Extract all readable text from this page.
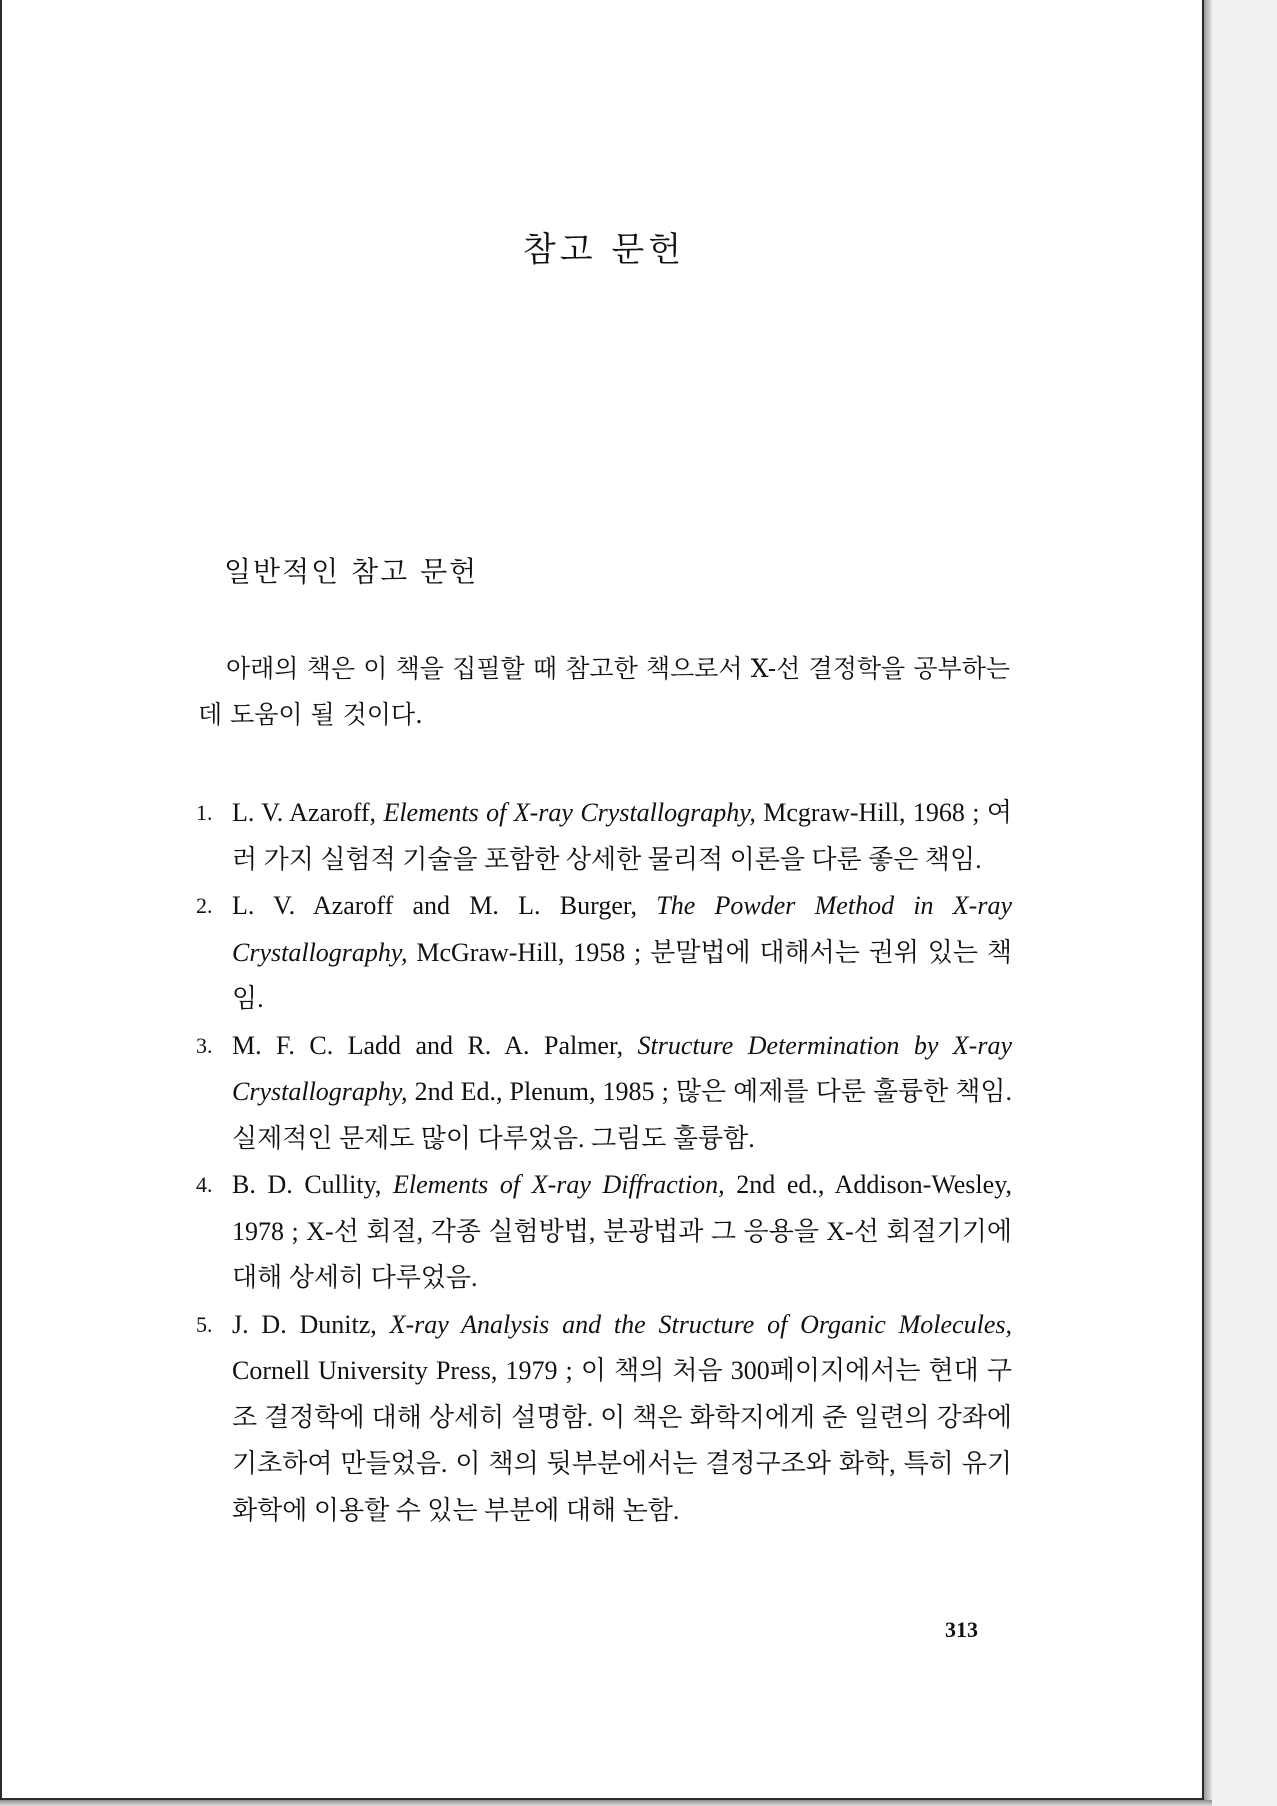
참고 문헌
일반적인 참고 문헌
아래의 책은 이 책을 집필할 때 참고한 책으로서 X-선 결정학을 공부하는 데 도움이 될 것이다.
1. L. V. Azaroff, Elements of X-ray Crystallography, Mcgraw-Hill, 1968 ; 여러 가지 실험적 기술을 포함한 상세한 물리적 이론을 다룬 좋은 책임.
2. L. V. Azaroff and M. L. Burger, The Powder Method in X-ray Crystallography, McGraw-Hill, 1958 ; 분말법에 대해서는 권위 있는 책임.
3. M. F. C. Ladd and R. A. Palmer, Structure Determination by X-ray Crystallography, 2nd Ed., Plenum, 1985 ; 많은 예제를 다룬 훌륭한 책임. 실제적인 문제도 많이 다루었음. 그림도 훌륭함.
4. B. D. Cullity, Elements of X-ray Diffraction, 2nd ed., Addison-Wesley, 1978 ; X-선 회절, 각종 실험방법, 분광법과 그 응용을 X-선 회절기기에 대해 상세히 다루었음.
5. J. D. Dunitz, X-ray Analysis and the Structure of Organic Molecules, Cornell University Press, 1979 ; 이 책의 처음 300페이지에서는 현대 구조 결정학에 대해 상세히 설명함. 이 책은 화학지에게 준 일련의 강좌에 기초하여 만들었음. 이 책의 뒷부분에서는 결정구조와 화학, 특히 유기화학에 이용할 수 있는 부분에 대해 논함.
313
